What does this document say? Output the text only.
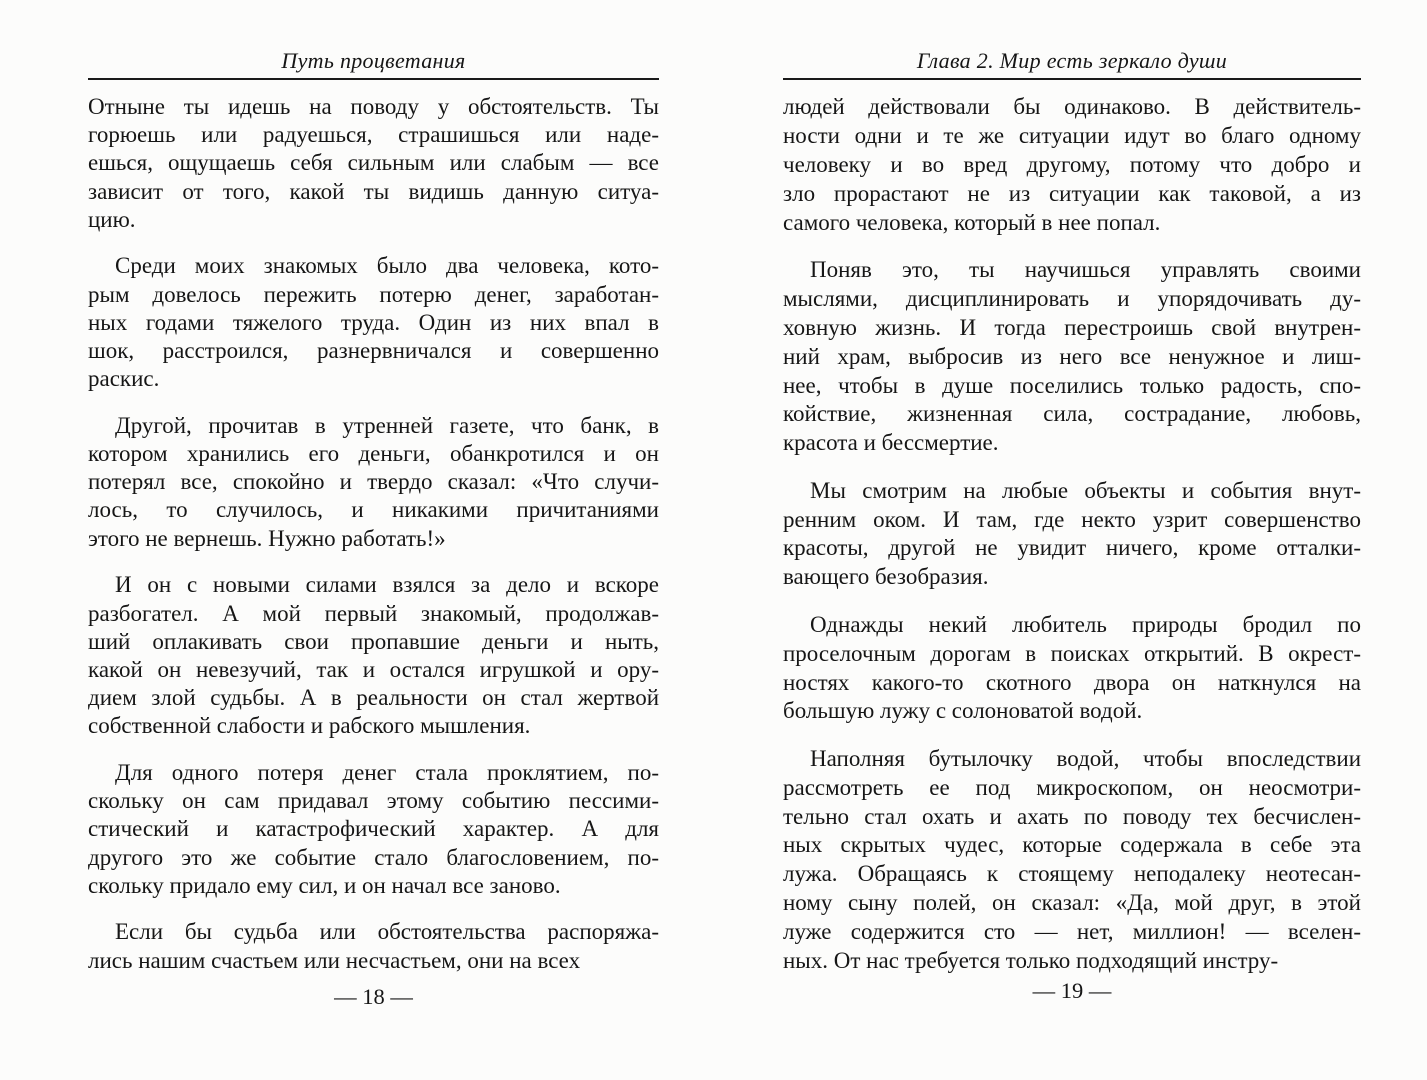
Путь процветания
Отныне ты идешь на поводу у обстоятельств. Ты
горюешь или радуешься, страшишься или наде-
ешься, ощущаешь себя сильным или слабым — все
зависит от того, какой ты видишь данную ситуа-
цию.
Среди моих знакомых было два человека, кото-
рым довелось пережить потерю денег, заработан-
ных годами тяжелого труда. Один из них впал в
шок, расстроился, разнервничался и совершенно
раскис.
Другой, прочитав в утренней газете, что банк, в
котором хранились его деньги, обанкротился и он
потерял все, спокойно и твердо сказал: «Что случи-
лось, то случилось, и никакими причитаниями
этого не вернешь. Нужно работать!»
И он с новыми силами взялся за дело и вскоре
разбогател. А мой первый знакомый, продолжав-
ший оплакивать свои пропавшие деньги и ныть,
какой он невезучий, так и остался игрушкой и ору-
дием злой судьбы. А в реальности он стал жертвой
собственной слабости и рабского мышления.
Для одного потеря денег стала проклятием, по-
скольку он сам придавал этому событию пессими-
стический и катастрофический характер. А для
другого это же событие стало благословением, по-
скольку придало ему сил, и он начал все заново.
Если бы судьба или обстоятельства распоряжа-
лись нашим счастьем или несчастьем, они на всех
— 18 —
Глава 2. Мир есть зеркало души
людей действовали бы одинаково. В действитель-
ности одни и те же ситуации идут во благо одному
человеку и во вред другому, потому что добро и
зло прорастают не из ситуации как таковой, а из
самого человека, который в нее попал.
Поняв это, ты научишься управлять своими
мыслями, дисциплинировать и упорядочивать ду-
ховную жизнь. И тогда перестроишь свой внутрен-
ний храм, выбросив из него все ненужное и лиш-
нее, чтобы в душе поселились только радость, спо-
койствие, жизненная сила, сострадание, любовь,
красота и бессмертие.
Мы смотрим на любые объекты и события внут-
ренним оком. И там, где некто узрит совершенство
красоты, другой не увидит ничего, кроме отталки-
вающего безобразия.
Однажды некий любитель природы бродил по
проселочным дорогам в поисках открытий. В окрест-
ностях какого-то скотного двора он наткнулся на
большую лужу с солоноватой водой.
Наполняя бутылочку водой, чтобы впоследствии
рассмотреть ее под микроскопом, он неосмотри-
тельно стал охать и ахать по поводу тех бесчислен-
ных скрытых чудес, которые содержала в себе эта
лужа. Обращаясь к стоящему неподалеку неотесан-
ному сыну полей, он сказал: «Да, мой друг, в этой
луже содержится сто — нет, миллион! — вселен-
ных. От нас требуется только подходящий инстру-
— 19 —
